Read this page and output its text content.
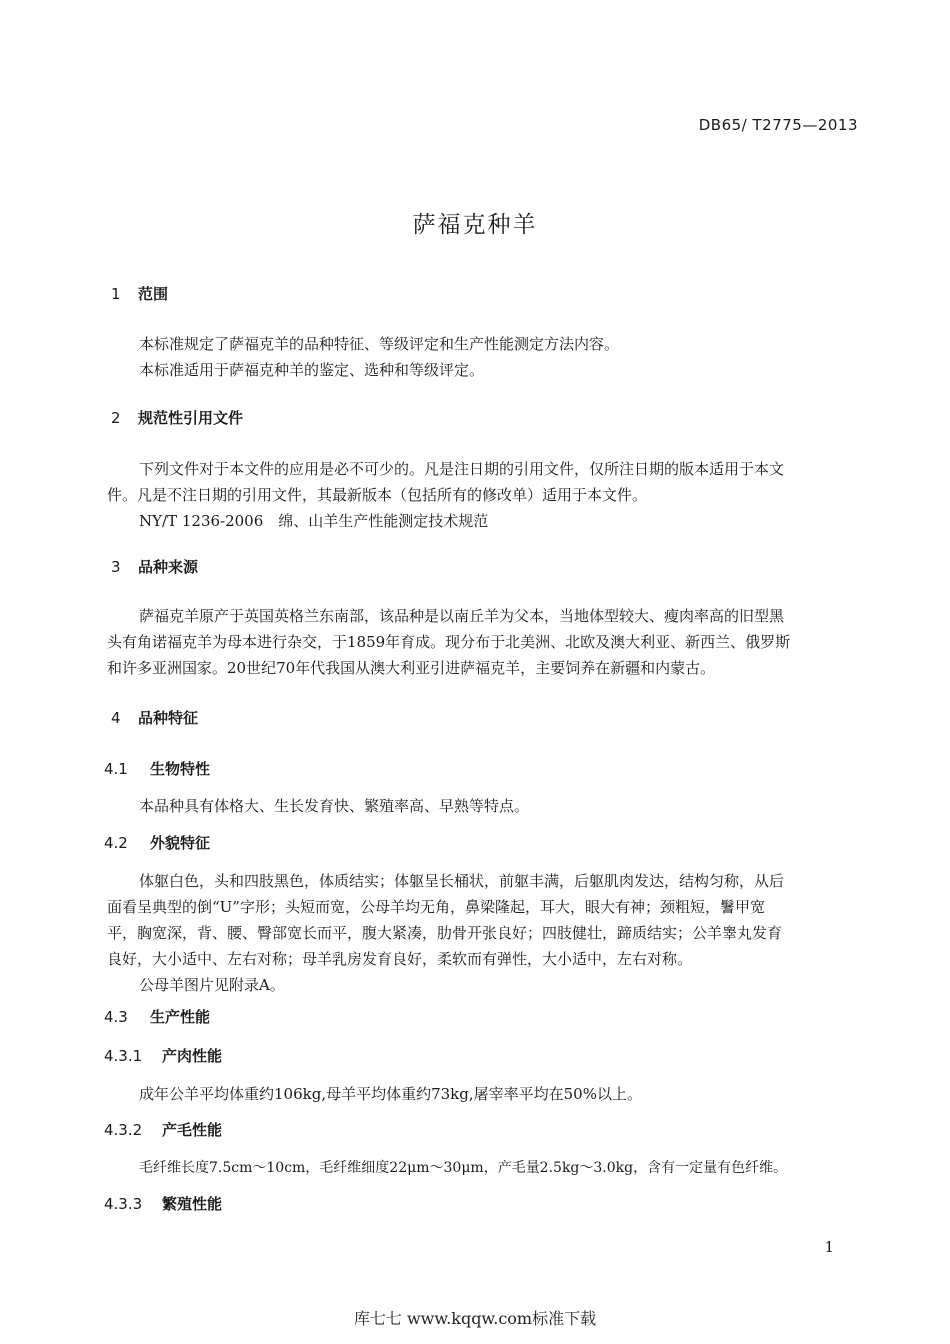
DB65/ T2775—2013
萨福克种羊
1 范围
本标准规定了萨福克羊的品种特征、等级评定和生产性能测定方法内容。
本标准适用于萨福克种羊的鉴定、选种和等级评定。
2 规范性引用文件
下列文件对于本文件的应用是必不可少的。凡是注日期的引用文件，仅所注日期的版本适用于本文
件。凡是不注日期的引用文件，其最新版本（包括所有的修改单）适用于本文件。
NY/T 1236-2006　绵、山羊生产性能测定技术规范
3 品种来源
萨福克羊原产于英国英格兰东南部，该品种是以南丘羊为父本，当地体型较大、瘦肉率高的旧型黑
头有角诺福克羊为母本进行杂交，于1859年育成。现分布于北美洲、北欧及澳大利亚、新西兰、俄罗斯
和许多亚洲国家。20世纪70年代我国从澳大利亚引进萨福克羊，主要饲养在新疆和内蒙古。
4 品种特征
4.1 生物特性
本品种具有体格大、生长发育快、繁殖率高、早熟等特点。
4.2 外貌特征
体躯白色，头和四肢黑色，体质结实；体躯呈长桶状，前躯丰满，后躯肌肉发达，结构匀称，从后
面看呈典型的倒“U”字形；头短而宽，公母羊均无角，鼻梁隆起，耳大，眼大有神；颈粗短，鬐甲宽
平，胸宽深，背、腰、臀部宽长而平，腹大紧凑，肋骨开张良好；四肢健壮，蹄质结实；公羊睾丸发育
良好，大小适中、左右对称；母羊乳房发育良好，柔软而有弹性，大小适中，左右对称。
公母羊图片见附录A。
4.3 生产性能
4.3.1 产肉性能
成年公羊平均体重约106kg,母羊平均体重约73kg,屠宰率平均在50%以上。
4.3.2 产毛性能
毛纤维长度7.5cm～10cm，毛纤维细度22μm～30μm，产毛量2.5kg～3.0kg，含有一定量有色纤维。
4.3.3 繁殖性能
1
库七七 www.kqqw.com标准下载
